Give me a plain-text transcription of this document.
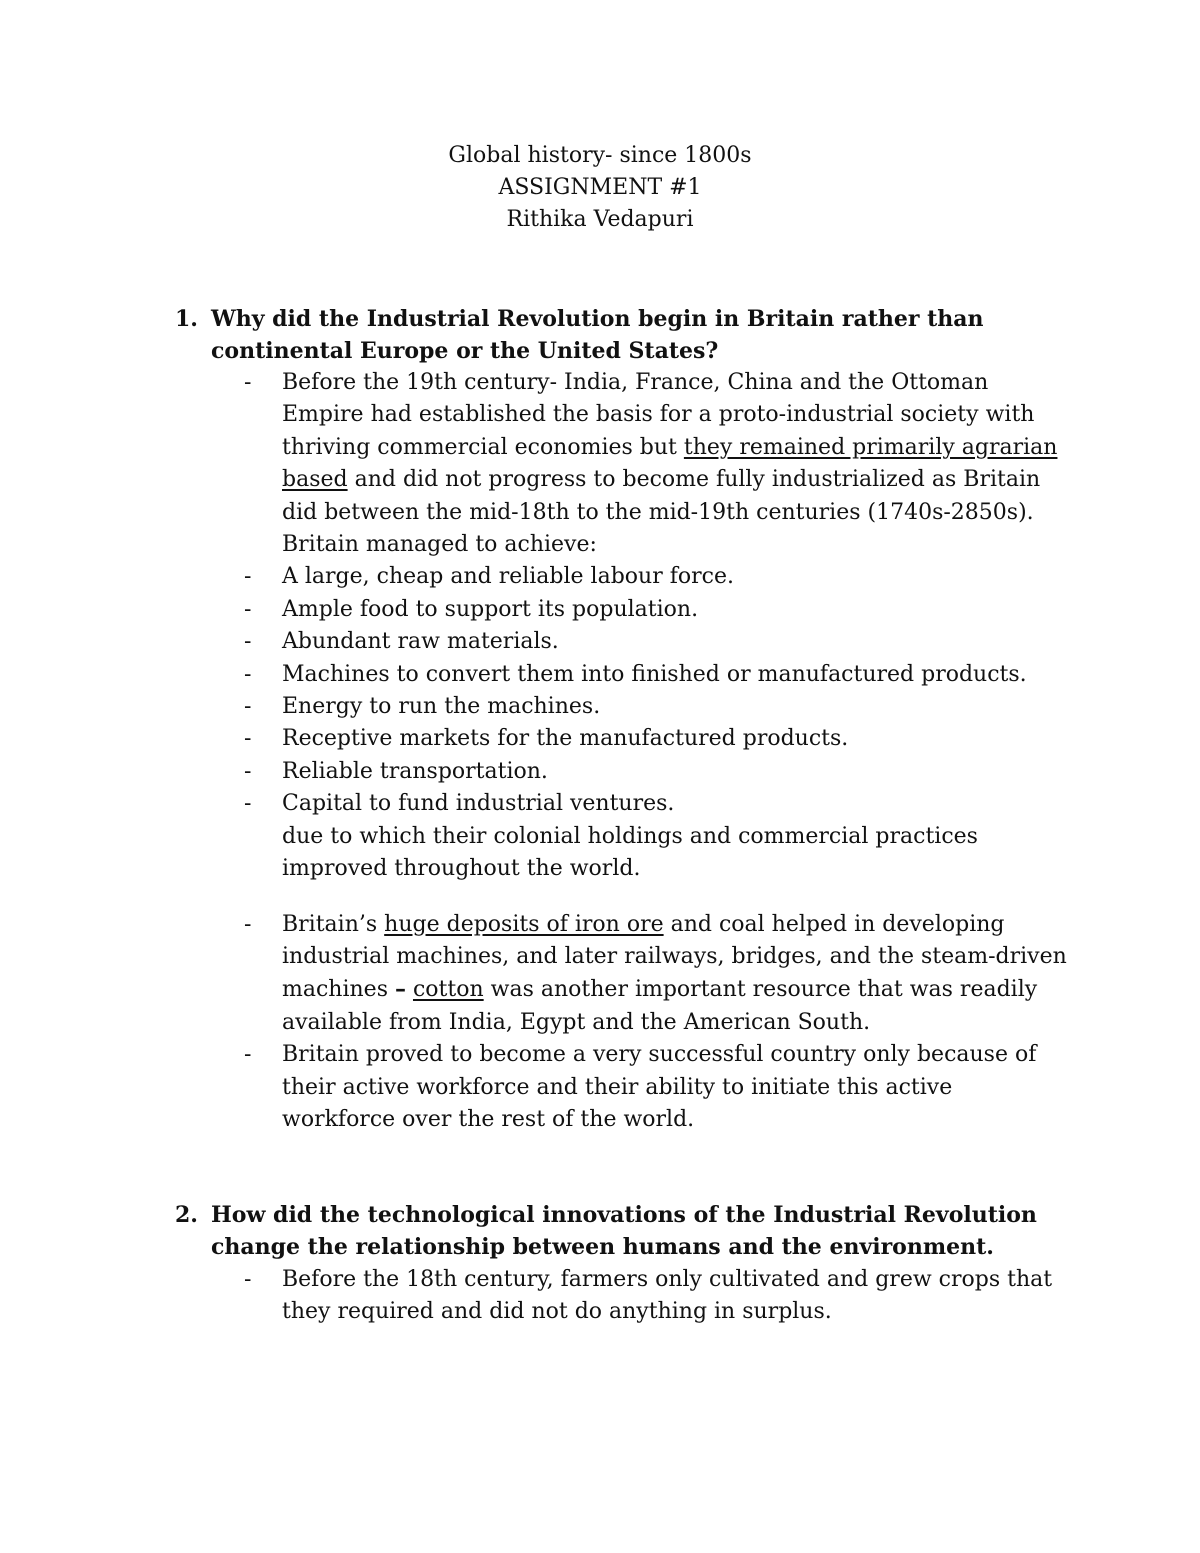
Global history- since 1800s
ASSIGNMENT #1
Rithika Vedapuri
1. Why did the Industrial Revolution begin in Britain rather than continental Europe or the United States?
- Before the 19th century- India, France, China and the Ottoman Empire had established the basis for a proto-industrial society with thriving commercial economies but they remained primarily agrarian based and did not progress to become fully industrialized as Britain did between the mid-18th to the mid-19th centuries (1740s-2850s). Britain managed to achieve:
- A large, cheap and reliable labour force.
- Ample food to support its population.
- Abundant raw materials.
- Machines to convert them into finished or manufactured products.
- Energy to run the machines.
- Receptive markets for the manufactured products.
- Reliable transportation.
- Capital to fund industrial ventures.
due to which their colonial holdings and commercial practices improved throughout the world.
- Britain’s huge deposits of iron ore and coal helped in developing industrial machines, and later railways, bridges, and the steam-driven machines – cotton was another important resource that was readily available from India, Egypt and the American South.
- Britain proved to become a very successful country only because of their active workforce and their ability to initiate this active workforce over the rest of the world.
2. How did the technological innovations of the Industrial Revolution change the relationship between humans and the environment.
- Before the 18th century, farmers only cultivated and grew crops that they required and did not do anything in surplus.
